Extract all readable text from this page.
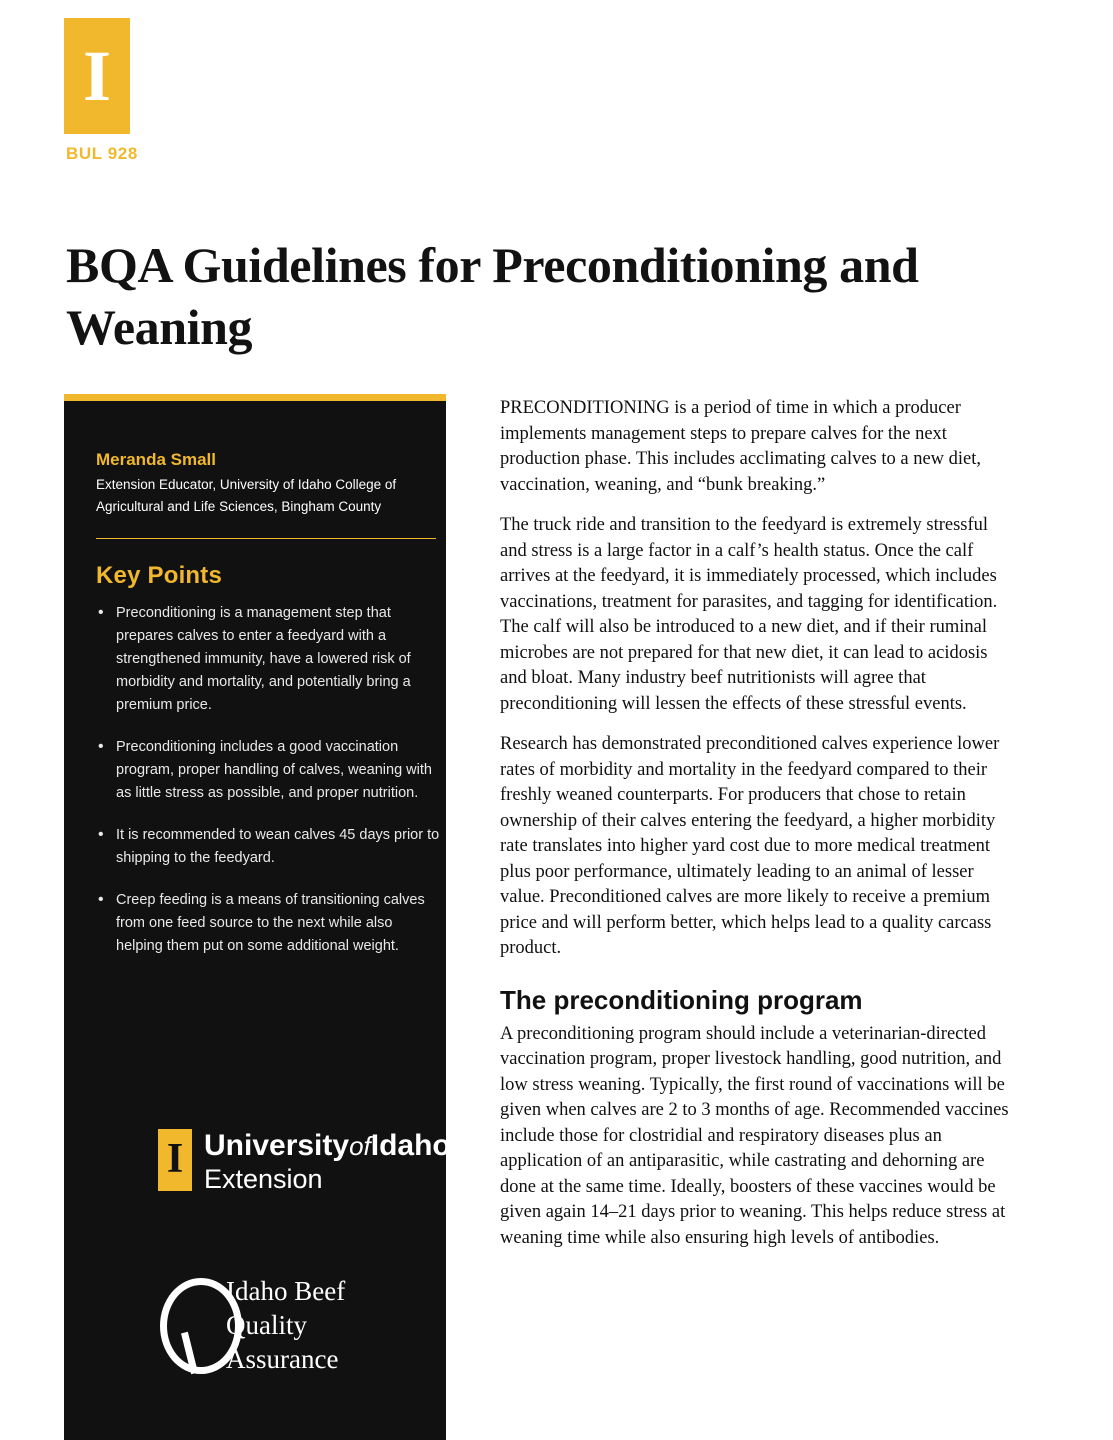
I
BUL 928
BQA Guidelines for Preconditioning and Weaning
Meranda Small
Extension Educator, University of Idaho College of Agricultural and Life Sciences, Bingham County
Key Points
• Preconditioning is a management step that prepares calves to enter a feedyard with a strengthened immunity, have a lowered risk of morbidity and mortality, and potentially bring a premium price.
• Preconditioning includes a good vaccination program, proper handling of calves, weaning with as little stress as possible, and proper nutrition.
• It is recommended to wean calves 45 days prior to shipping to the feedyard.
• Creep feeding is a means of transitioning calves from one feed source to the next while also helping them put on some additional weight.
I UniversityofIdaho
Extension
Idaho Beef
Quality
Assurance

PRECONDITIONING is a period of time in which a producer implements management steps to prepare calves for the next production phase. This includes acclimating calves to a new diet, vaccination, weaning, and “bunk breaking.”

The truck ride and transition to the feedyard is extremely stressful and stress is a large factor in a calf’s health status. Once the calf arrives at the feedyard, it is immediately processed, which includes vaccinations, treatment for parasites, and tagging for identification. The calf will also be introduced to a new diet, and if their ruminal microbes are not prepared for that new diet, it can lead to acidosis and bloat. Many industry beef nutritionists will agree that preconditioning will lessen the effects of these stressful events.

Research has demonstrated preconditioned calves experience lower rates of morbidity and mortality in the feedyard compared to their freshly weaned counterparts. For producers that chose to retain ownership of their calves entering the feedyard, a higher morbidity rate translates into higher yard cost due to more medical treatment plus poor performance, ultimately leading to an animal of lesser value. Preconditioned calves are more likely to receive a premium price and will perform better, which helps lead to a quality carcass product.

The preconditioning program

A preconditioning program should include a veterinarian-directed vaccination program, proper livestock handling, good nutrition, and low stress weaning. Typically, the first round of vaccinations will be given when calves are 2 to 3 months of age. Recommended vaccines include those for clostridial and respiratory diseases plus an application of an antiparasitic, while castrating and dehorning are done at the same time. Ideally, boosters of these vaccines would be given again 14–21 days prior to weaning. This helps reduce stress at weaning time while also ensuring high levels of antibodies.
